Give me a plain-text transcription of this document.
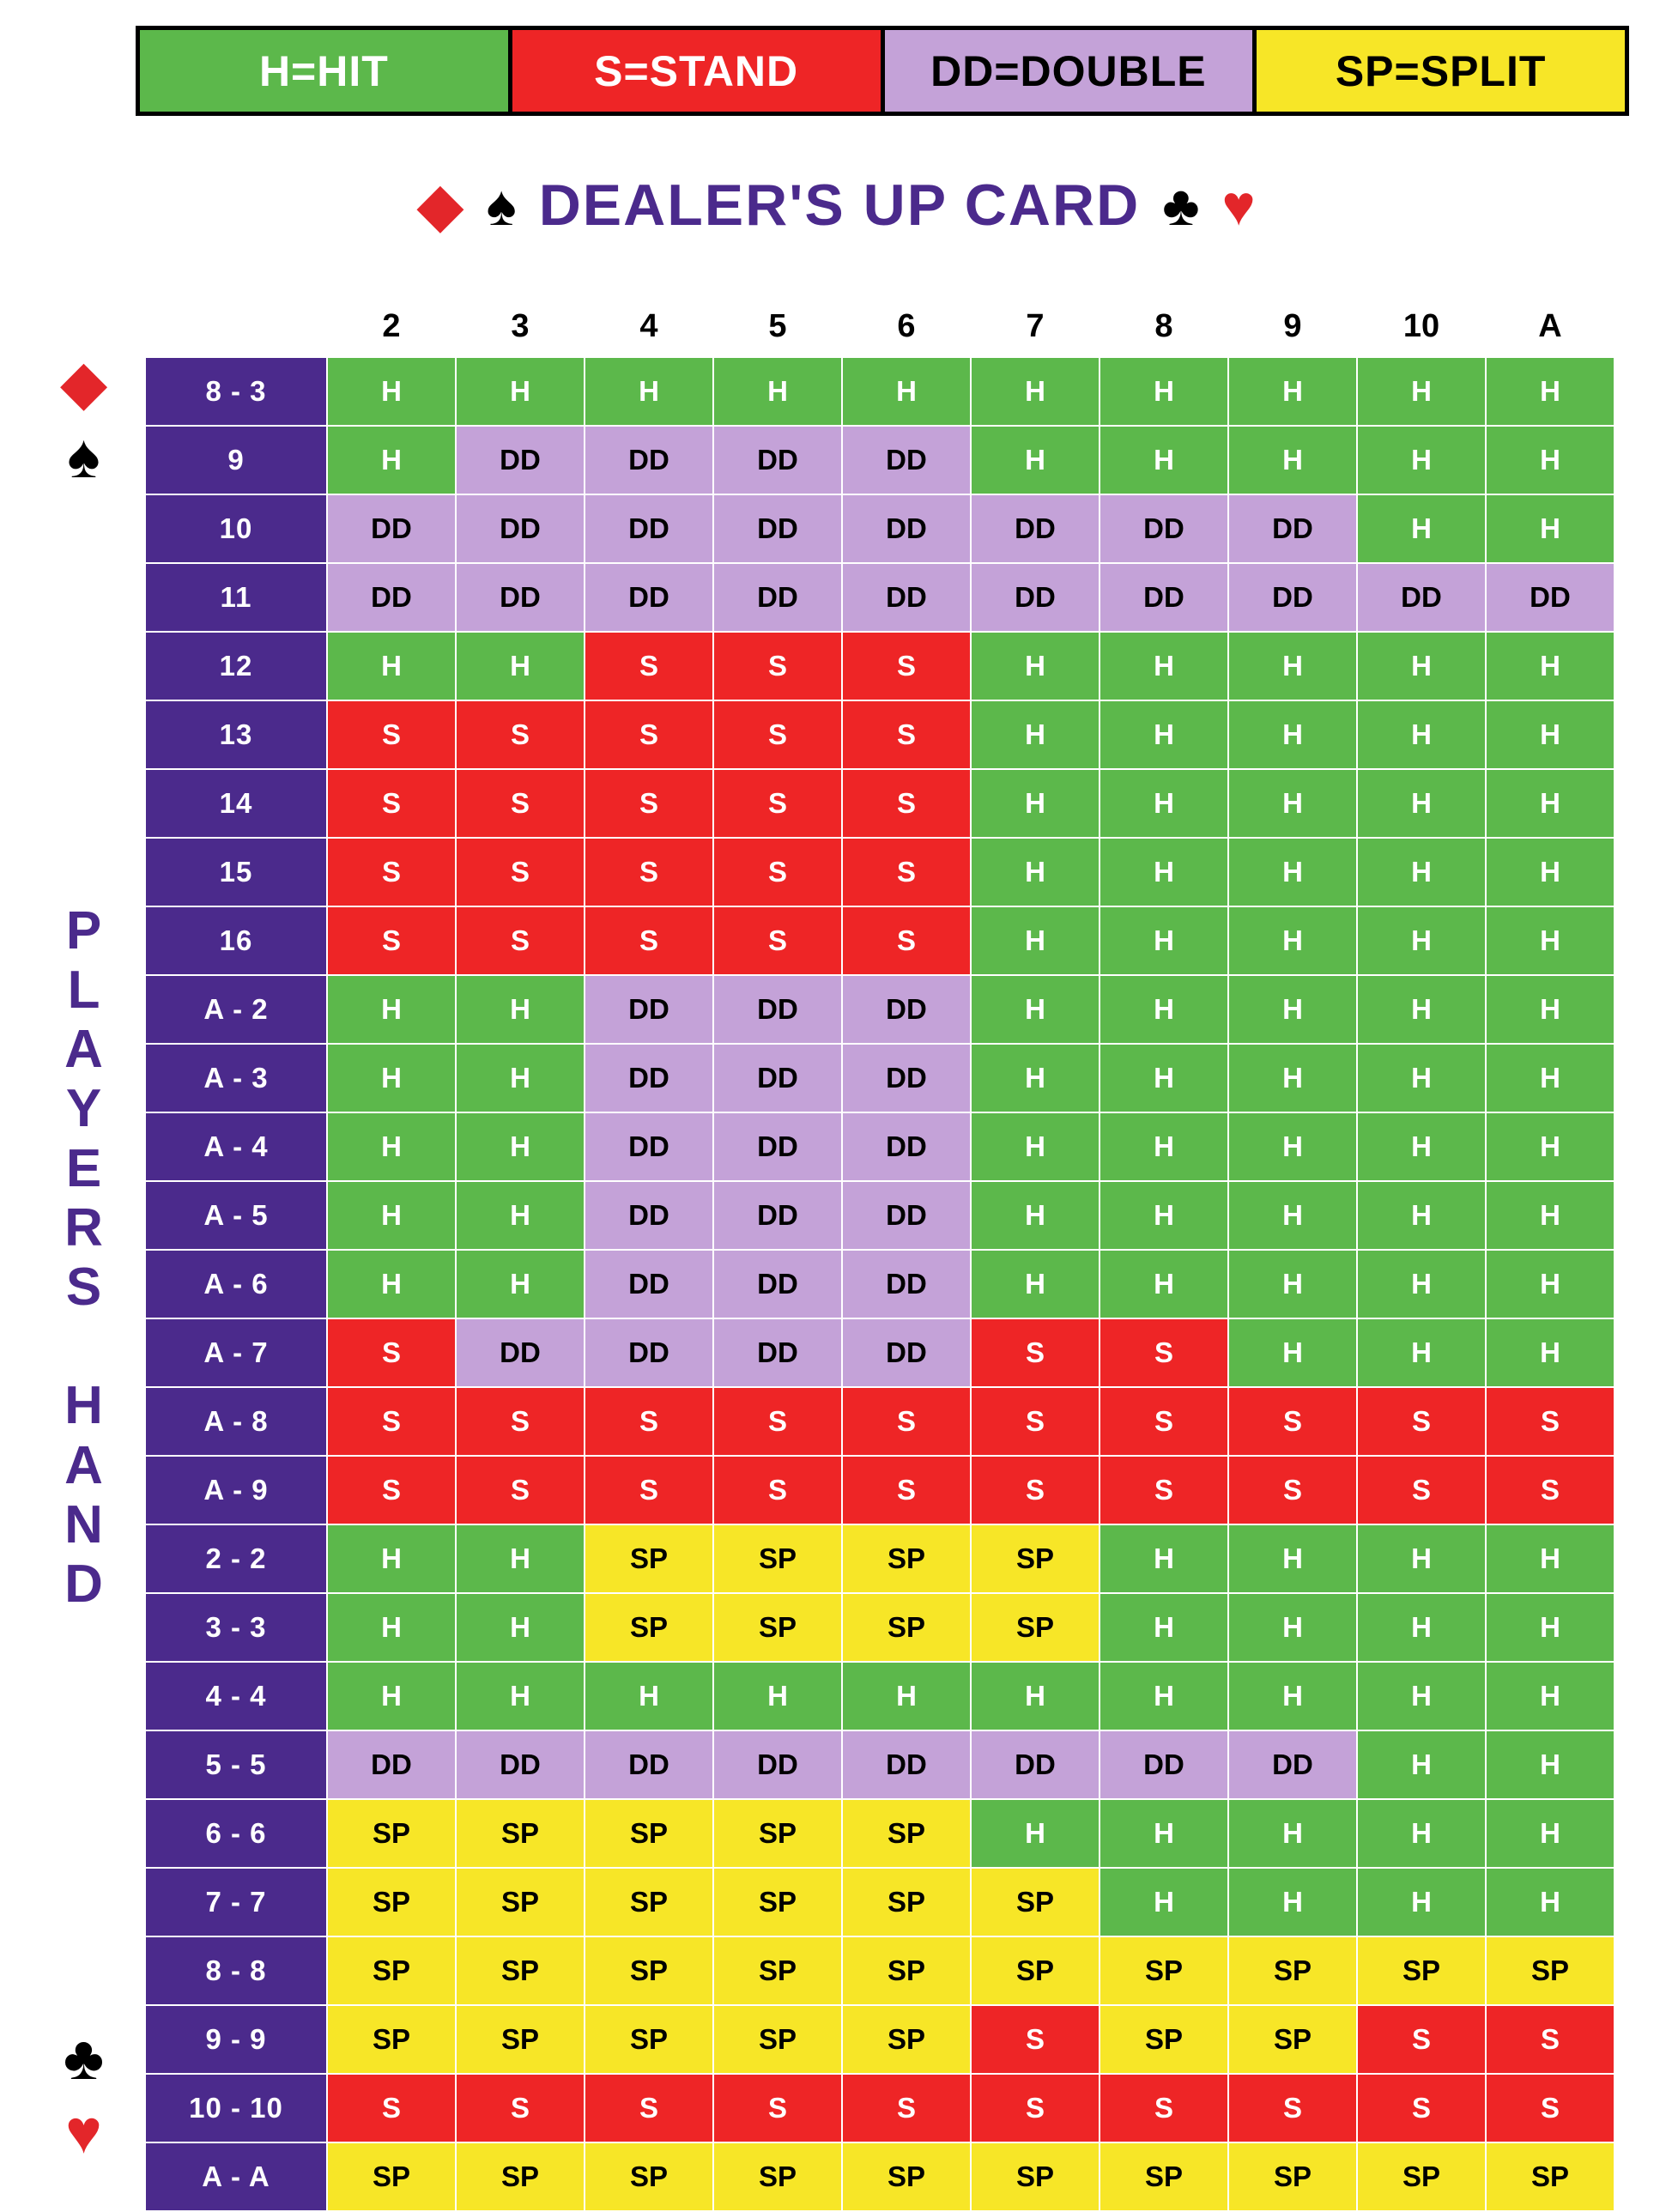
H=HIT	S=STAND	DD=DOUBLE	SP=SPLIT
◆ ♠ DEALER'S UP CARD ♣ ♥
◆
♠
P
L
A
Y
E
R
S
H
A
N
D
♣
♥
	2	3	4	5	6	7	8	9	10	A
8 - 3	H	H	H	H	H	H	H	H	H	H
9	H	DD	DD	DD	DD	H	H	H	H	H
10	DD	DD	DD	DD	DD	DD	DD	DD	H	H
11	DD	DD	DD	DD	DD	DD	DD	DD	DD	DD
12	H	H	S	S	S	H	H	H	H	H
13	S	S	S	S	S	H	H	H	H	H
14	S	S	S	S	S	H	H	H	H	H
15	S	S	S	S	S	H	H	H	H	H
16	S	S	S	S	S	H	H	H	H	H
A - 2	H	H	DD	DD	DD	H	H	H	H	H
A - 3	H	H	DD	DD	DD	H	H	H	H	H
A - 4	H	H	DD	DD	DD	H	H	H	H	H
A - 5	H	H	DD	DD	DD	H	H	H	H	H
A - 6	H	H	DD	DD	DD	H	H	H	H	H
A - 7	S	DD	DD	DD	DD	S	S	H	H	H
A - 8	S	S	S	S	S	S	S	S	S	S
A - 9	S	S	S	S	S	S	S	S	S	S
2 - 2	H	H	SP	SP	SP	SP	H	H	H	H
3 - 3	H	H	SP	SP	SP	SP	H	H	H	H
4 - 4	H	H	H	H	H	H	H	H	H	H
5 - 5	DD	DD	DD	DD	DD	DD	DD	DD	H	H
6 - 6	SP	SP	SP	SP	SP	H	H	H	H	H
7 - 7	SP	SP	SP	SP	SP	SP	H	H	H	H
8 - 8	SP	SP	SP	SP	SP	SP	SP	SP	SP	SP
9 - 9	SP	SP	SP	SP	SP	S	SP	SP	S	S
10 - 10	S	S	S	S	S	S	S	S	S	S
A - A	SP	SP	SP	SP	SP	SP	SP	SP	SP	SP
